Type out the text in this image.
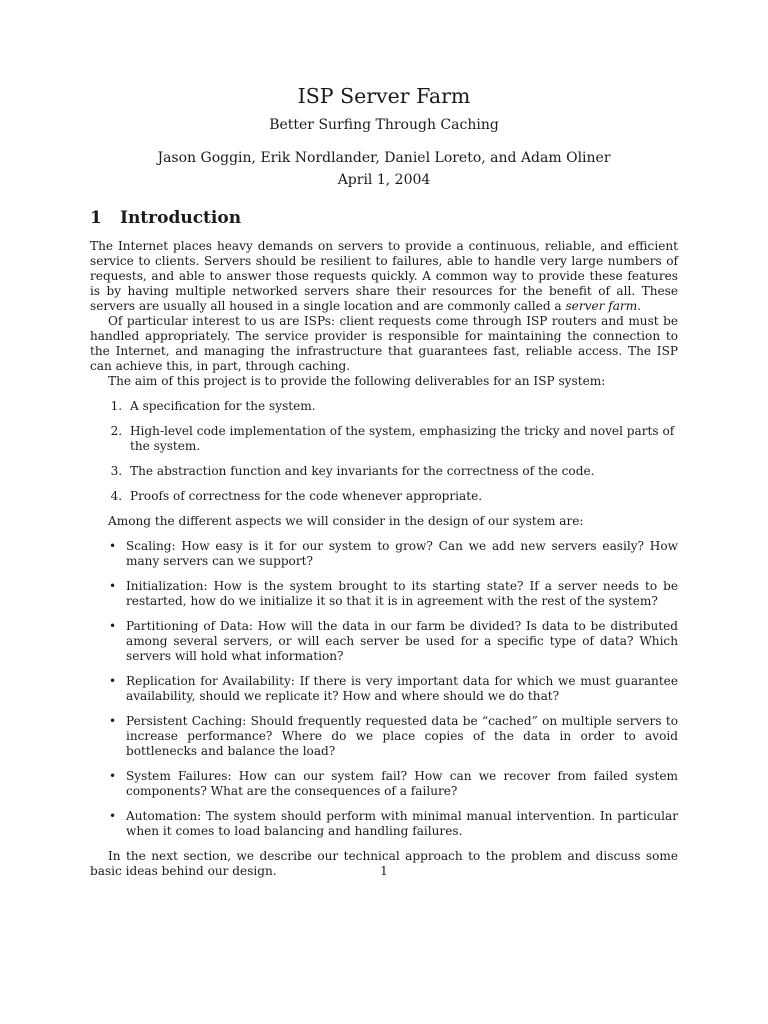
ISP Server Farm
Better Surfing Through Caching
Jason Goggin, Erik Nordlander, Daniel Loreto, and Adam Oliner
April 1, 2004
1 Introduction

The Internet places heavy demands on servers to provide a continuous, reliable, and efficient service to clients. Servers should be resilient to failures, able to handle very large numbers of requests, and able to answer those requests quickly. A common way to provide these features is by having multiple networked servers share their resources for the benefit of all. These servers are usually all housed in a single location and are commonly called a server farm.

Of particular interest to us are ISPs: client requests come through ISP routers and must be handled appropriately. The service provider is responsible for maintaining the connection to the Internet, and managing the infrastructure that guarantees fast, reliable access. The ISP can achieve this, in part, through caching.

The aim of this project is to provide the following deliverables for an ISP system:

1. A specification for the system.
2. High-level code implementation of the system, emphasizing the tricky and novel parts of the system.
3. The abstraction function and key invariants for the correctness of the code.
4. Proofs of correctness for the code whenever appropriate.

Among the different aspects we will consider in the design of our system are:

• Scaling: How easy is it for our system to grow? Can we add new servers easily? How many servers can we support?
• Initialization: How is the system brought to its starting state? If a server needs to be restarted, how do we initialize it so that it is in agreement with the rest of the system?
• Partitioning of Data: How will the data in our farm be divided? Is data to be distributed among several servers, or will each server be used for a specific type of data? Which servers will hold what information?
• Replication for Availability: If there is very important data for which we must guarantee availability, should we replicate it? How and where should we do that?
• Persistent Caching: Should frequently requested data be “cached” on multiple servers to increase performance? Where do we place copies of the data in order to avoid bottlenecks and balance the load?
• System Failures: How can our system fail? How can we recover from failed system components? What are the consequences of a failure?
• Automation: The system should perform with minimal manual intervention. In particular when it comes to load balancing and handling failures.

In the next section, we describe our technical approach to the problem and discuss some basic ideas behind our design.	1
